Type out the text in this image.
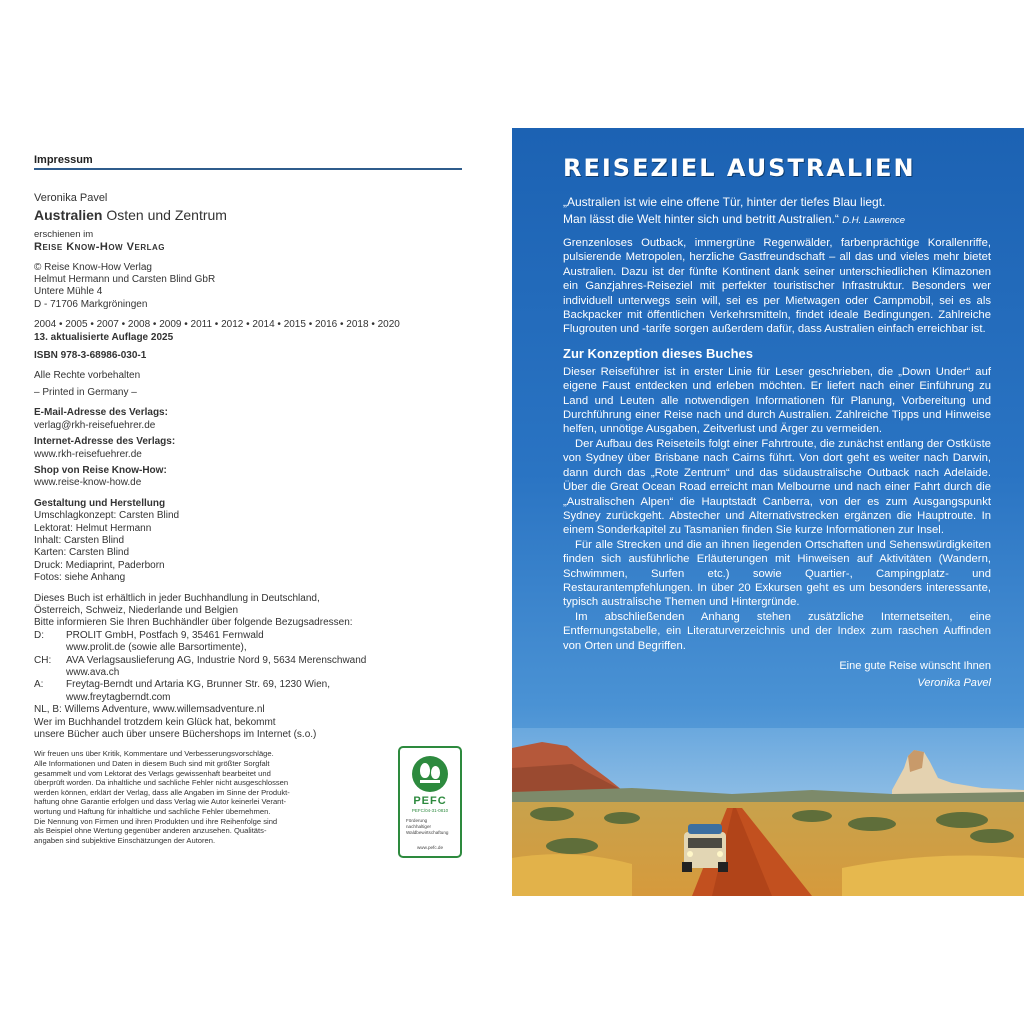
Impressum
Veronika Pavel
Australien Osten und Zentrum
erschienen im
Reise Know-How Verlag
© Reise Know-How Verlag
Helmut Hermann und Carsten Blind GbR
Untere Mühle 4
D - 71706 Markgröningen
2004 • 2005 • 2007 • 2008 • 2009 • 2011 • 2012 • 2014 • 2015 • 2016 • 2018 • 2020
13. aktualisierte Auflage 2025
ISBN 978-3-68986-030-1
Alle Rechte vorbehalten
– Printed in Germany –
E-Mail-Adresse des Verlags:
verlag@rkh-reisefuehrer.de
Internet-Adresse des Verlags:
www.rkh-reisefuehrer.de
Shop von Reise Know-How:
www.reise-know-how.de
Gestaltung und Herstellung
Umschlagkonzept: Carsten Blind
Lektorat: Helmut Hermann
Inhalt: Carsten Blind
Karten: Carsten Blind
Druck: Mediaprint, Paderborn
Fotos: siehe Anhang
Dieses Buch ist erhältlich in jeder Buchhandlung in Deutschland,
Österreich, Schweiz, Niederlande und Belgien
Bitte informieren Sie Ihren Buchhändler über folgende Bezugsadressen:
D:	PROLIT GmbH, Postfach 9, 35461 Fernwald
www.prolit.de (sowie alle Barsortimente),
CH:	AVA Verlagsauslieferung AG, Industrie Nord 9, 5634 Merenschwand
www.ava.ch
A:	Freytag-Berndt und Artaria KG, Brunner Str. 69, 1230 Wien,
www.freytagberndt.com
NL, B: Willems Adventure, www.willemsadventure.nl
Wer im Buchhandel trotzdem kein Glück hat, bekommt
unsere Bücher auch über unsere Büchershops im Internet (s.o.)
Wir freuen uns über Kritik, Kommentare und Verbesserungsvorschläge.
Alle Informationen und Daten in diesem Buch sind mit größter Sorgfalt
gesammelt und vom Lektorat des Verlags gewissenhaft bearbeitet und
überprüft worden. Da inhaltliche und sachliche Fehler nicht ausgeschlossen
werden können, erklärt der Verlag, dass alle Angaben im Sinne der Produkt-
haftung ohne Garantie erfolgen und dass Verlag wie Autor keinerlei Verant-
wortung und Haftung für inhaltliche und sachliche Fehler übernehmen.
Die Nennung von Firmen und ihren Produkten und ihre Reihenfolge sind
als Beispiel ohne Wertung gegenüber anderen anzusehen. Qualitäts-
angaben sind subjektive Einschätzungen der Autoren.
PEFC
PEFC/04-31-0810
Förderung
nachhaltiger
Waldbewirtschaftung
www.pefc.de
REISEZIEL AUSTRALIEN
„Australien ist wie eine offene Tür, hinter der tiefes Blau liegt.
Man lässt die Welt hinter sich und betritt Australien.“ D.H. Lawrence
Grenzenloses Outback, immergrüne Regenwälder, farbenprächtige Korallenriffe, pulsierende Metropolen, herzliche Gastfreundschaft – all das und vieles mehr bietet Australien. Dazu ist der fünfte Kontinent dank seiner unterschiedlichen Klimazonen ein Ganzjahres-Reiseziel mit perfekter touristischer Infrastruktur. Besonders wer individuell unterwegs sein will, sei es per Mietwagen oder Campmobil, sei es als Backpacker mit öffentlichen Verkehrsmitteln, findet ideale Bedingungen. Zahlreiche Flugrouten und -tarife sorgen außerdem dafür, dass Australien einfach erreichbar ist.
Zur Konzeption dieses Buches
Dieser Reiseführer ist in erster Linie für Leser geschrieben, die „Down Under“ auf eigene Faust entdecken und erleben möchten. Er liefert nach einer Einführung zu Land und Leuten alle notwendigen Informationen für Planung, Vorbereitung und Durchführung einer Reise nach und durch Australien. Zahlreiche Tipps und Hinweise helfen, unnötige Ausgaben, Zeitverlust und Ärger zu vermeiden.
Der Aufbau des Reiseteils folgt einer Fahrtroute, die zunächst entlang der Ostküste von Sydney über Brisbane nach Cairns führt. Von dort geht es weiter nach Darwin, dann durch das „Rote Zentrum“ und das südaustralische Outback nach Adelaide. Über die Great Ocean Road erreicht man Melbourne und nach einer Fahrt durch die „Australischen Alpen“ die Hauptstadt Canberra, von der es zum Ausgangspunkt Sydney zurückgeht. Abstecher und Alternativstrecken ergänzen die Hauptroute. In einem Sonderkapitel zu Tasmanien finden Sie kurze Informationen zur Insel.
Für alle Strecken und die an ihnen liegenden Ortschaften und Sehenswürdigkeiten finden sich ausführliche Erläuterungen mit Hinweisen auf Aktivitäten (Wandern, Schwimmen, Surfen etc.) sowie Quartier-, Campingplatz- und Restaurantempfehlungen. In über 20 Exkursen geht es um besonders interessante, typisch australische Themen und Hintergründe.
Im abschließenden Anhang stehen zusätzliche Internetseiten, eine Entfernungstabelle, ein Literaturverzeichnis und der Index zum raschen Auffinden von Orten und Begriffen.
Eine gute Reise wünscht Ihnen
Veronika Pavel
